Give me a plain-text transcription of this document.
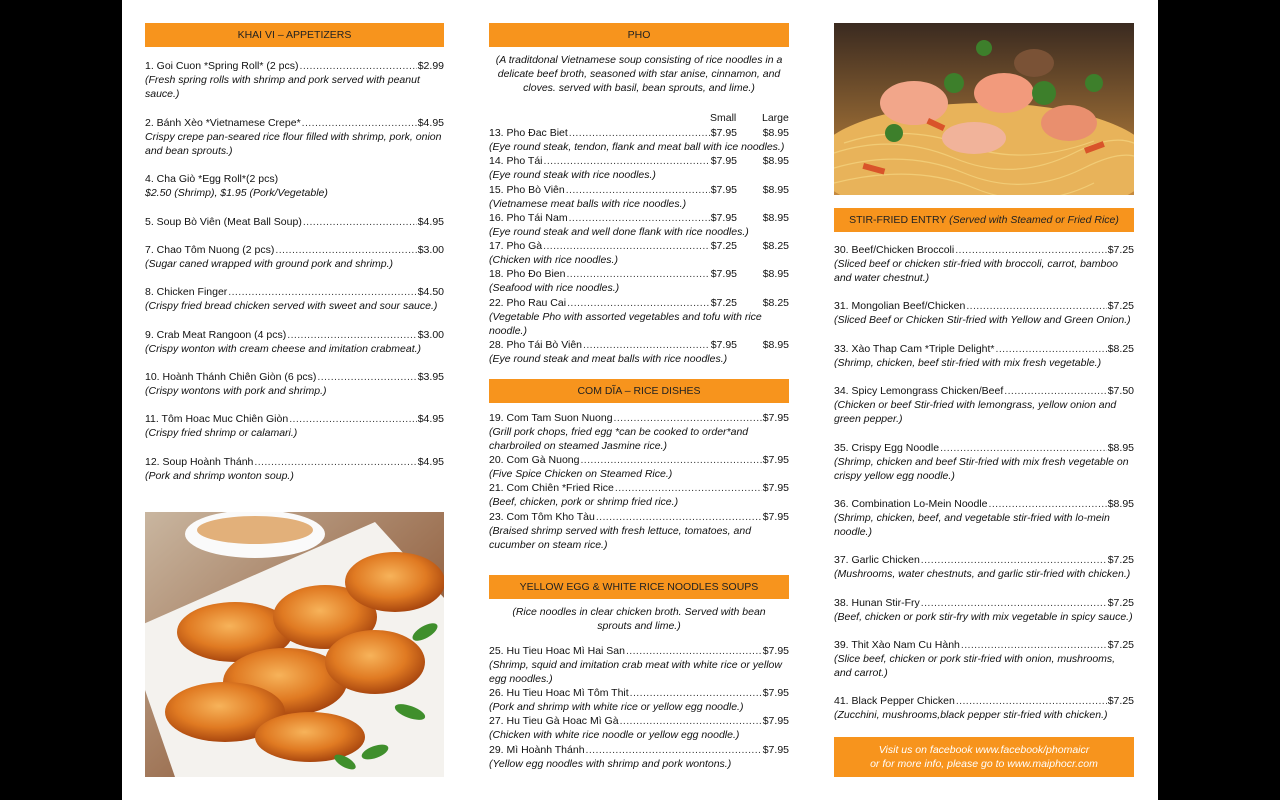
KHAI VI – APPETIZERS
1. Goi Cuon *Spring Roll* (2 pcs) .....	$2.99
(Fresh spring rolls with shrimp and pork served with peanut sauce.)
2. Bánh Xèo *Vietnamese Crepe* .....	$4.95
Crispy crepe pan-seared rice flour filled with shrimp, pork, onion and bean sprouts.)
4. Cha Giò *Egg Roll*(2 pcs)
$2.50 (Shrimp), $1.95 (Pork/Vegetable)
5. Soup Bò Viên (Meat Ball Soup) .....	$4.95
7. Chao Tôm Nuong (2 pcs) .....	$3.00
(Sugar caned wrapped with ground pork and shrimp.)
8. Chicken Finger .....	$4.50
(Crispy fried bread chicken served with sweet and sour sauce.)
9. Crab Meat Rangoon (4 pcs) .....	$3.00
(Crispy wonton with cream cheese and imitation crabmeat.)
10. Hoành Thánh Chiên Giòn (6 pcs) .....	$3.95
(Crispy wontons with pork and shrimp.)
11. Tôm Hoac Muc Chiên Giòn .....	$4.95
(Crispy fried shrimp or calamari.)
12. Soup Hoành Thánh .....	$4.95
(Pork and shrimp wonton soup.)
PHO
(A traditdonal Vietnamese soup consisting of rice noodles in a delicate beef broth, seasoned with star anise, cinnamon, and cloves. served with basil, bean sprouts, and lime.)
Small Large
13. Pho Đac Biet .....	$7.95	$8.95
(Eye round steak, tendon, flank and meat ball with ice noodles.)
14. Pho Tái .....	$7.95	$8.95
(Eye round steak with rice noodles.)
15. Pho Bò Viên .....	$7.95	$8.95
(Vietnamese meat balls with rice noodles.)
16. Pho Tái Nam .....	$7.95	$8.95
(Eye round steak and well done flank with rice noodles.)
17. Pho Gà .....	$7.25	$8.25
(Chicken with rice noodles.)
18. Pho Đo Bien .....	$7.95	$8.95
(Seafood with rice noodles.)
22. Pho Rau Cai .....	$7.25	$8.25
(Vegetable Pho with assorted vegetables and tofu with rice noodle.)
28. Pho Tái Bò Viên .....	$7.95	$8.95
(Eye round steak and meat balls with rice noodles.)
COM DĨA – RICE DISHES
19. Com Tam Suon Nuong .....	$7.95
(Grill pork chops, fried egg *can be cooked to order*and charbroiled on steamed Jasmine rice.)
20. Com Gà Nuong .....	$7.95
(Five Spice Chicken on Steamed Rice.)
21. Com Chiên *Fried Rice .....	$7.95
(Beef, chicken, pork or shrimp fried rice.)
23. Com Tôm Kho Tàu .....	$7.95
(Braised shrimp served with fresh lettuce, tomatoes, and cucumber on steam rice.)
YELLOW EGG & WHITE RICE NOODLES SOUPS
(Rice noodles in clear chicken broth. Served with bean sprouts and lime.)
25. Hu Tieu Hoac Mì Hai San .....	$7.95
(Shrimp, squid and imitation crab meat with white rice or yellow egg noodles.)
26. Hu Tieu Hoac Mì Tôm Thit .....	$7.95
(Pork and shrimp with white rice or yellow egg noodle.)
27. Hu Tieu Gà Hoac Mì Gà .....	$7.95
(Chicken with white rice noodle or yellow egg noodle.)
29. Mì Hoành Thánh .....	$7.95
(Yellow egg noodles with shrimp and pork wontons.)
STIR-FRIED ENTRY (Served with Steamed or Fried Rice)
30. Beef/Chicken Broccoli .....	$7.25
(Sliced beef or chicken stir-fried with broccoli, carrot, bamboo and water chestnut.)
31. Mongolian Beef/Chicken .....	$7.25
(Sliced Beef or Chicken Stir-fried with Yellow and Green Onion.)
33. Xào Thap Cam *Triple Delight* .....	$8.25
(Shrimp, chicken, beef stir-fried with mix fresh vegetable.)
34. Spicy Lemongrass Chicken/Beef .....	$7.50
(Chicken or beef Stir-fried with lemongrass, yellow onion and green pepper.)
35. Crispy Egg Noodle .....	$8.95
(Shrimp, chicken and beef Stir-fried with mix fresh vegetable on crispy yellow egg noodle.)
36. Combination Lo-Mein Noodle .....	$8.95
(Shrimp, chicken, beef, and vegetable stir-fried with lo-mein noodle.)
37. Garlic Chicken .....	$7.25
(Mushrooms, water chestnuts, and garlic stir-fried with chicken.)
38. Hunan Stir-Fry .....	$7.25
(Beef, chicken or pork stir-fry with mix vegetable in spicy sauce.)
39. Thit Xào Nam Cu Hành .....	$7.25
(Slice beef, chicken or pork stir-fried with onion, mushrooms, and carrot.)
41. Black Pepper Chicken .....	$7.25
(Zucchini, mushrooms,black pepper stir-fried with chicken.)
Visit us on facebook www.facebook/phomaicr
or for more info, please go to www.maiphocr.com
